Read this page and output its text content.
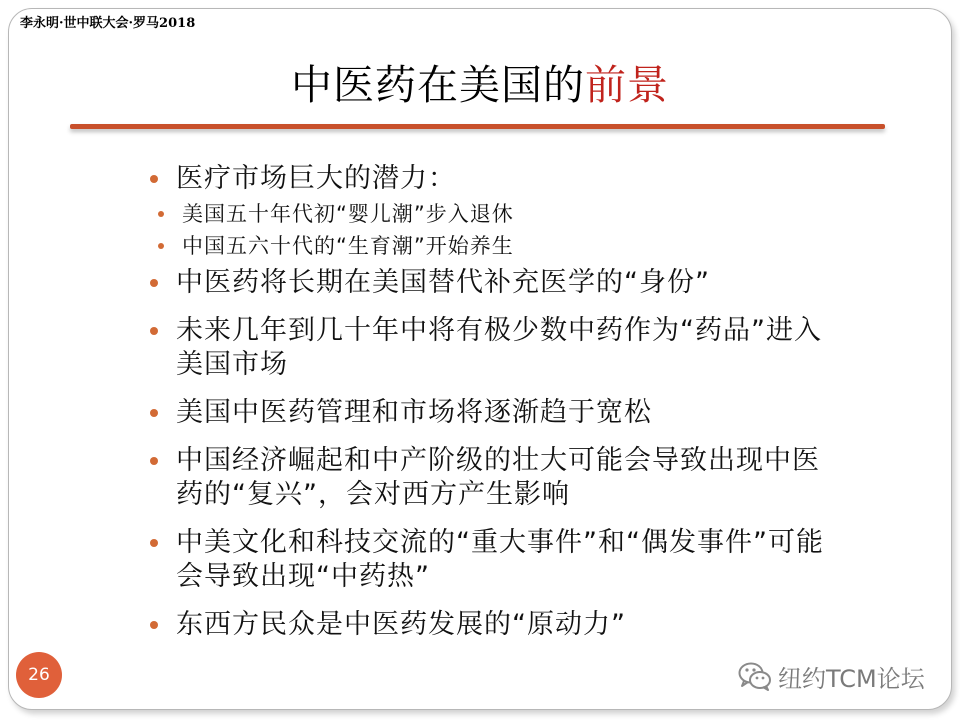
李永明·世中联大会·罗马2018
中医药在美国的前景
医疗市场巨大的潜力：
美国五十年代初“婴儿潮”步入退休
中国五六十代的“生育潮”开始养生
中医药将长期在美国替代补充医学的“身份”
未来几年到几十年中将有极少数中药作为“药品”进入美国市场
美国中医药管理和市场将逐渐趋于宽松
中国经济崛起和中产阶级的壮大可能会导致出现中医药的“复兴”，会对西方产生影响
中美文化和科技交流的“重大事件”和“偶发事件”可能会导致出现“中药热”
东西方民众是中医药发展的“原动力”
26	纽约TCM论坛
